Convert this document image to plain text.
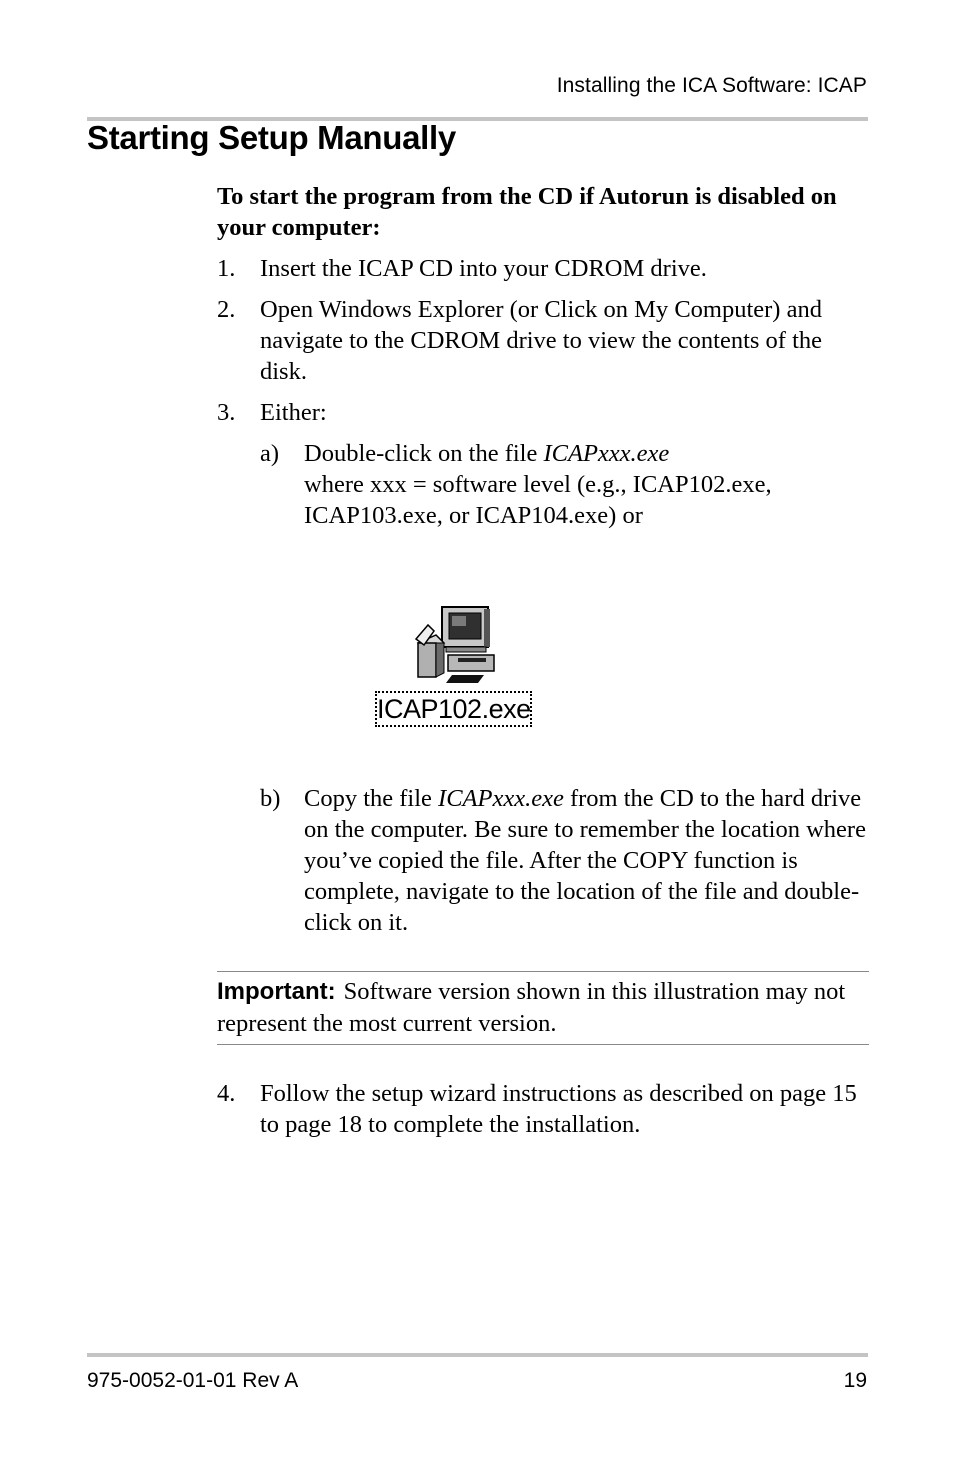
Installing the ICA Software: ICAP
Starting Setup Manually
To start the program from the CD if Autorun is disabled on your computer:
1.	Insert the ICAP CD into your CDROM drive.
2.	Open Windows Explorer (or Click on My Computer) and navigate to the CDROM drive to view the contents of the disk.
3.	Either:
a)	Double-click on the file ICAPxxx.exe
where xxx = software level (e.g., ICAP102.exe, ICAP103.exe, or ICAP104.exe) or
ICAP102.exe
b) Copy the file ICAPxxx.exe from the CD to the hard drive on the computer. Be sure to remember the location where you’ve copied the file. After the COPY function is complete, navigate to the location of the file and double-click on it.
Important: Software version shown in this illustration may not represent the most current version.
4.	Follow the setup wizard instructions as described on page 15 to page 18 to complete the installation.
975-0052-01-01 Rev A	19
